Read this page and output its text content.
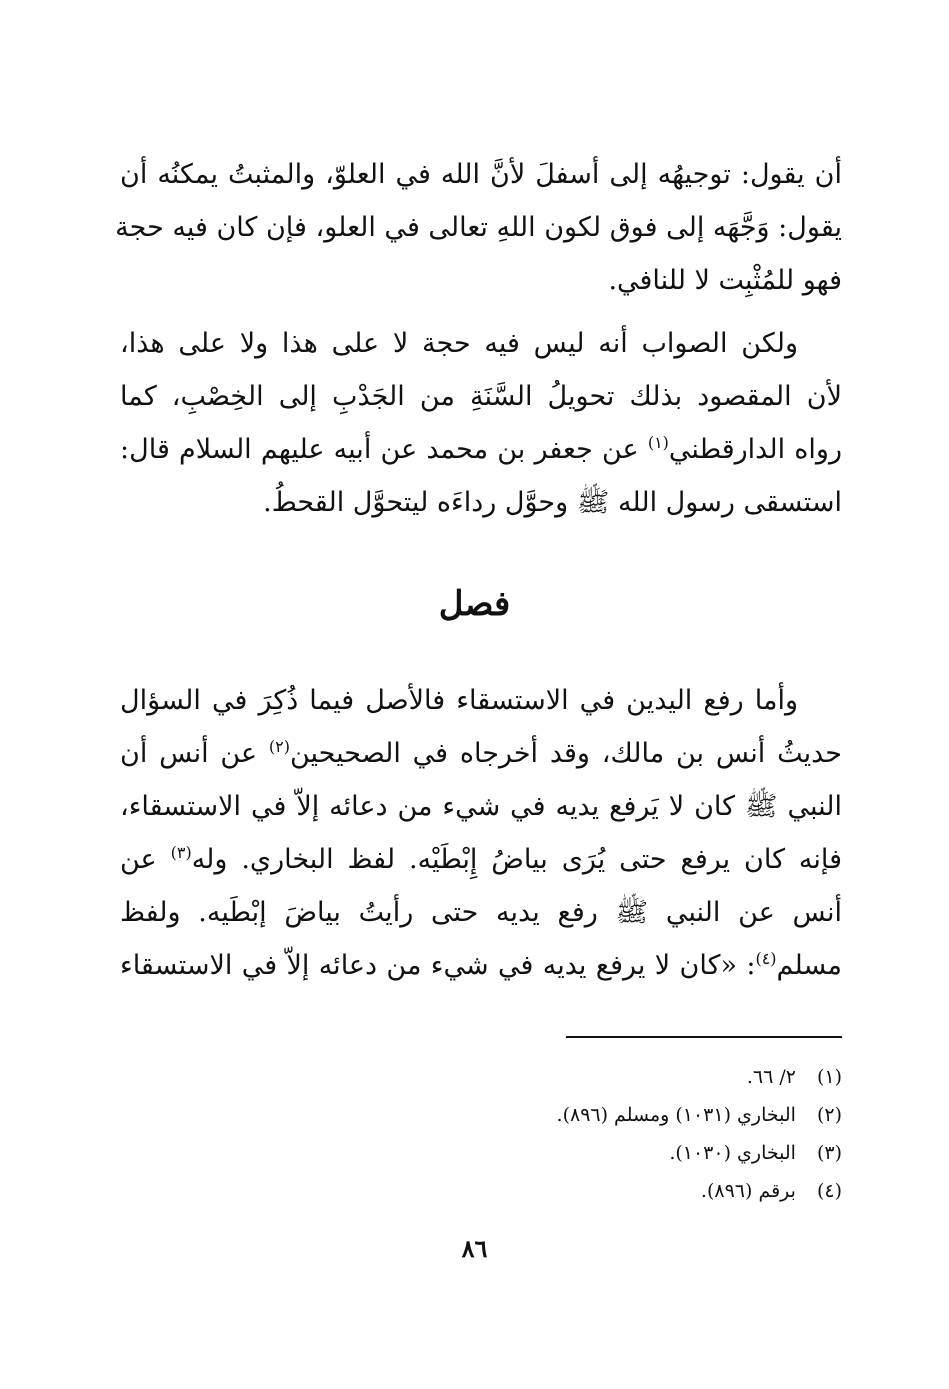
أن يقول: توجيهُه إلى أسفلَ لأنَّ الله في العلوّ، والمثبتُ يمكنُه أن
يقول: وَجَّهَه إلى فوق لكون اللهِ تعالى في العلو، فإن كان فيه حجة
فهو للمُثْبِت لا للنافي.

ولكن الصواب أنه ليس فيه حجة لا على هذا ولا على هذا،
لأن المقصود بذلك تحويلُ السَّنَةِ من الجَدْبِ إلى الخِصْبِ، كما
رواه الدارقطني$^{(١)}$ عن جعفر بن محمد عن أبيه عليهم السلام قال:
استسقى رسول الله ﷺ وحوَّل رداءَه ليتحوَّل القحطُ.

فصل

وأما رفع اليدين في الاستسقاء فالأصل فيما ذُكِرَ في السؤال
حديثُ أنس بن مالك، وقد أخرجاه في الصحيحين$^{(٢)}$ عن أنس أن
النبي ﷺ كان لا يَرفع يديه في شيء من دعائه إلاّ في الاستسقاء،
فإنه كان يرفع حتى يُرَى بياضُ إِبْطَيْه. لفظ البخاري. وله$^{(٣)}$ عن
أنس عن النبي ﷺ رفع يديه حتى رأيتُ بياضَ إبْطَيه. ولفظ
مسلم$^{(٤)}$: «كان لا يرفع يديه في شيء من دعائه إلاّ في الاستسقاء

(١) ٢/ ٦٦.
(٢) البخاري (١٠٣١) ومسلم (٨٩٦).
(٣) البخاري (١٠٣٠).
(٤) برقم (٨٩٦).
٨٦
